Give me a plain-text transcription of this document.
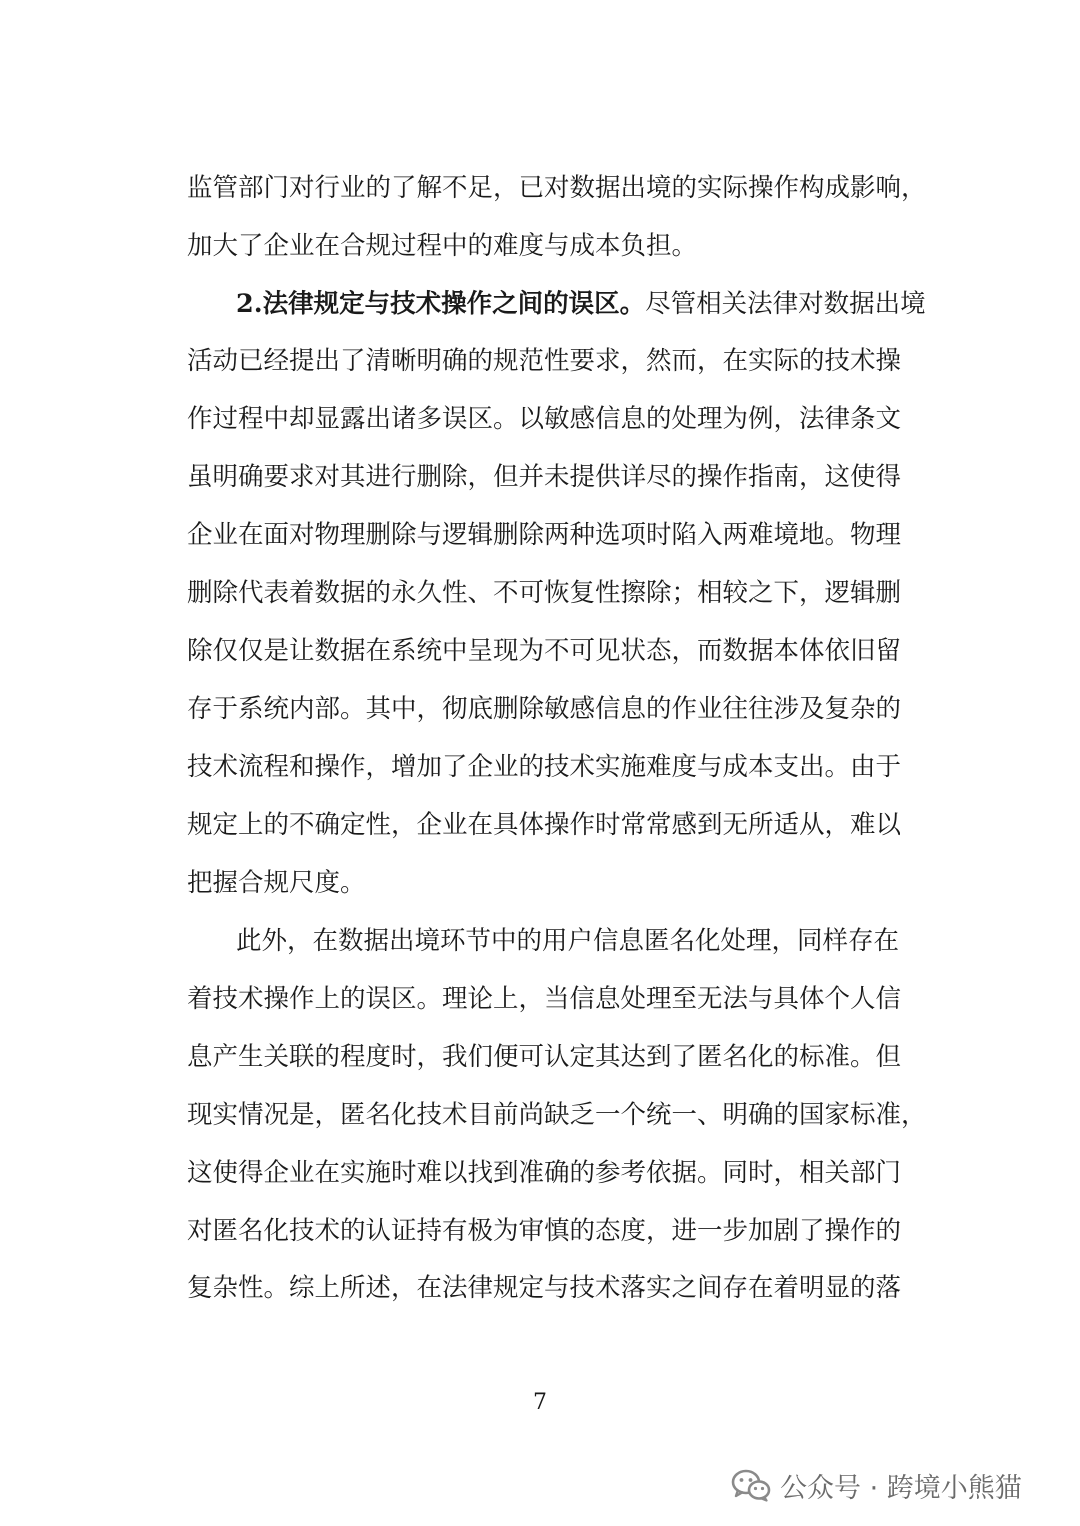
监管部门对行业的了解不足，已对数据出境的实际操作构成影响，
加大了企业在合规过程中的难度与成本负担。
2.法律规定与技术操作之间的误区。尽管相关法律对数据出境
活动已经提出了清晰明确的规范性要求，然而，在实际的技术操
作过程中却显露出诸多误区。以敏感信息的处理为例，法律条文
虽明确要求对其进行删除，但并未提供详尽的操作指南，这使得
企业在面对物理删除与逻辑删除两种选项时陷入两难境地。物理
删除代表着数据的永久性、不可恢复性擦除；相较之下，逻辑删
除仅仅是让数据在系统中呈现为不可见状态，而数据本体依旧留
存于系统内部。其中，彻底删除敏感信息的作业往往涉及复杂的
技术流程和操作，增加了企业的技术实施难度与成本支出。由于
规定上的不确定性，企业在具体操作时常常感到无所适从，难以
把握合规尺度。
此外，在数据出境环节中的用户信息匿名化处理，同样存在
着技术操作上的误区。理论上，当信息处理至无法与具体个人信
息产生关联的程度时，我们便可认定其达到了匿名化的标准。但
现实情况是，匿名化技术目前尚缺乏一个统一、明确的国家标准，
这使得企业在实施时难以找到准确的参考依据。同时，相关部门
对匿名化技术的认证持有极为审慎的态度，进一步加剧了操作的
复杂性。综上所述，在法律规定与技术落实之间存在着明显的落
7
公众号 · 跨境小熊猫
